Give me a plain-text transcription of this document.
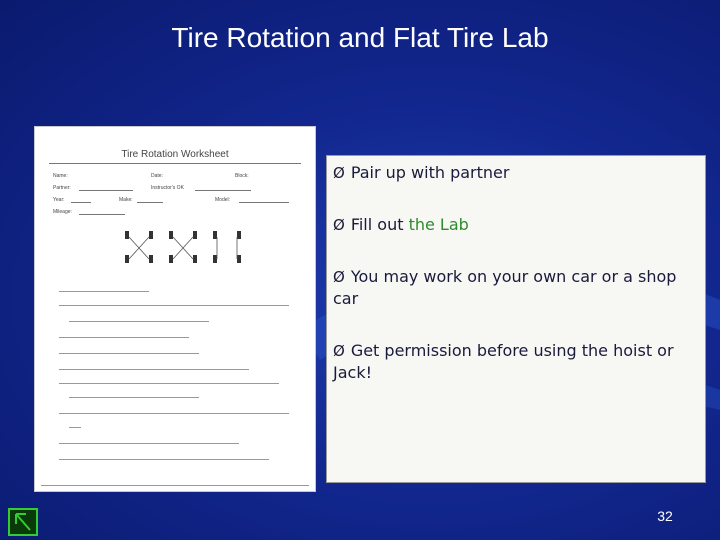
Tire Rotation and Flat Tire Lab
Tire Rotation Worksheet
Name:	Date:	Block:
Partner:	Instructor's OK
Year:	Make:	Model:
Mileage:
Ø Pair up with partner
Ø Fill out the Lab
Ø You may work on your own car or a shop car
Ø Get permission before using the hoist or Jack!
32
